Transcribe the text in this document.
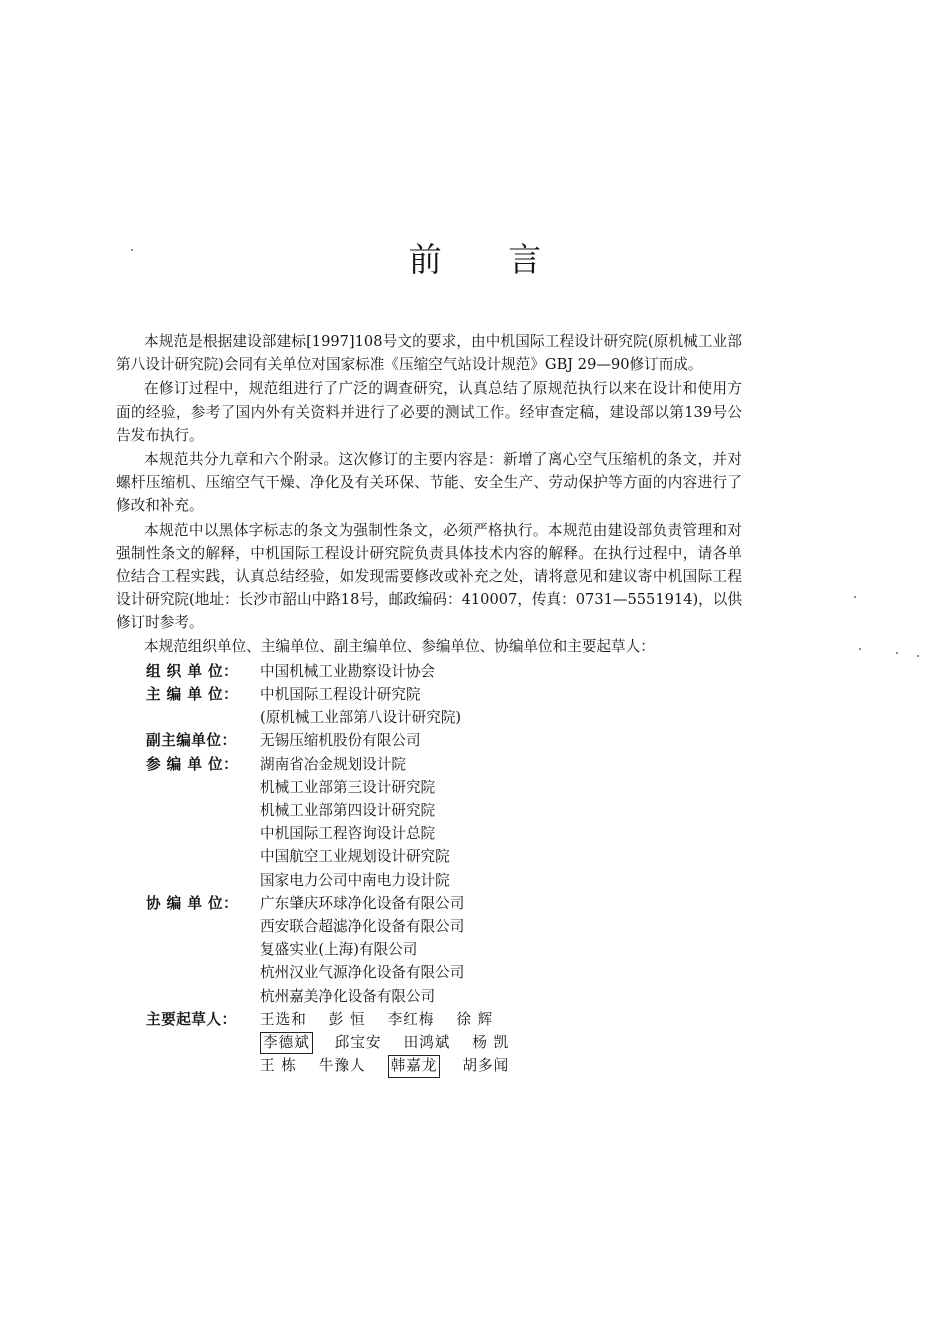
前 言

本规范是根据建设部建标[1997]108号文的要求，由中机国际工程设计研究院(原机械工业部第八设计研究院)会同有关单位对国家标准《压缩空气站设计规范》GBJ 29—90修订而成。

在修订过程中，规范组进行了广泛的调查研究，认真总结了原规范执行以来在设计和使用方面的经验，参考了国内外有关资料并进行了必要的测试工作。经审查定稿，建设部以第139号公告发布执行。

本规范共分九章和六个附录。这次修订的主要内容是：新增了离心空气压缩机的条文，并对螺杆压缩机、压缩空气干燥、净化及有关环保、节能、安全生产、劳动保护等方面的内容进行了修改和补充。

本规范中以黑体字标志的条文为强制性条文，必须严格执行。本规范由建设部负责管理和对强制性条文的解释，中机国际工程设计研究院负责具体技术内容的解释。在执行过程中，请各单位结合工程实践，认真总结经验，如发现需要修改或补充之处，请将意见和建议寄中机国际工程设计研究院(地址：长沙市韶山中路18号，邮政编码：410007，传真：0731—5551914)，以供修订时参考。

本规范组织单位、主编单位、副主编单位、参编单位、协编单位和主要起草人：

组 织 单 位：	中国机械工业勘察设计协会
主 编 单 位：	中机国际工程设计研究院
(原机械工业部第八设计研究院)
副主编单位：	无锡压缩机股份有限公司
参 编 单 位：	湖南省冶金规划设计院
机械工业部第三设计研究院
机械工业部第四设计研究院
中机国际工程咨询设计总院
中国航空工业规划设计研究院
国家电力公司中南电力设计院
协 编 单 位：	广东肇庆环球净化设备有限公司
西安联合超滤净化设备有限公司
复盛实业(上海)有限公司
杭州汉业气源净化设备有限公司
杭州嘉美净化设备有限公司
主要起草人：	王选和 彭 恒 李红梅 徐 辉
李德斌 邱宝安 田鸿斌 杨 凯
王 栋 牛豫人 韩嘉龙 胡多闻
